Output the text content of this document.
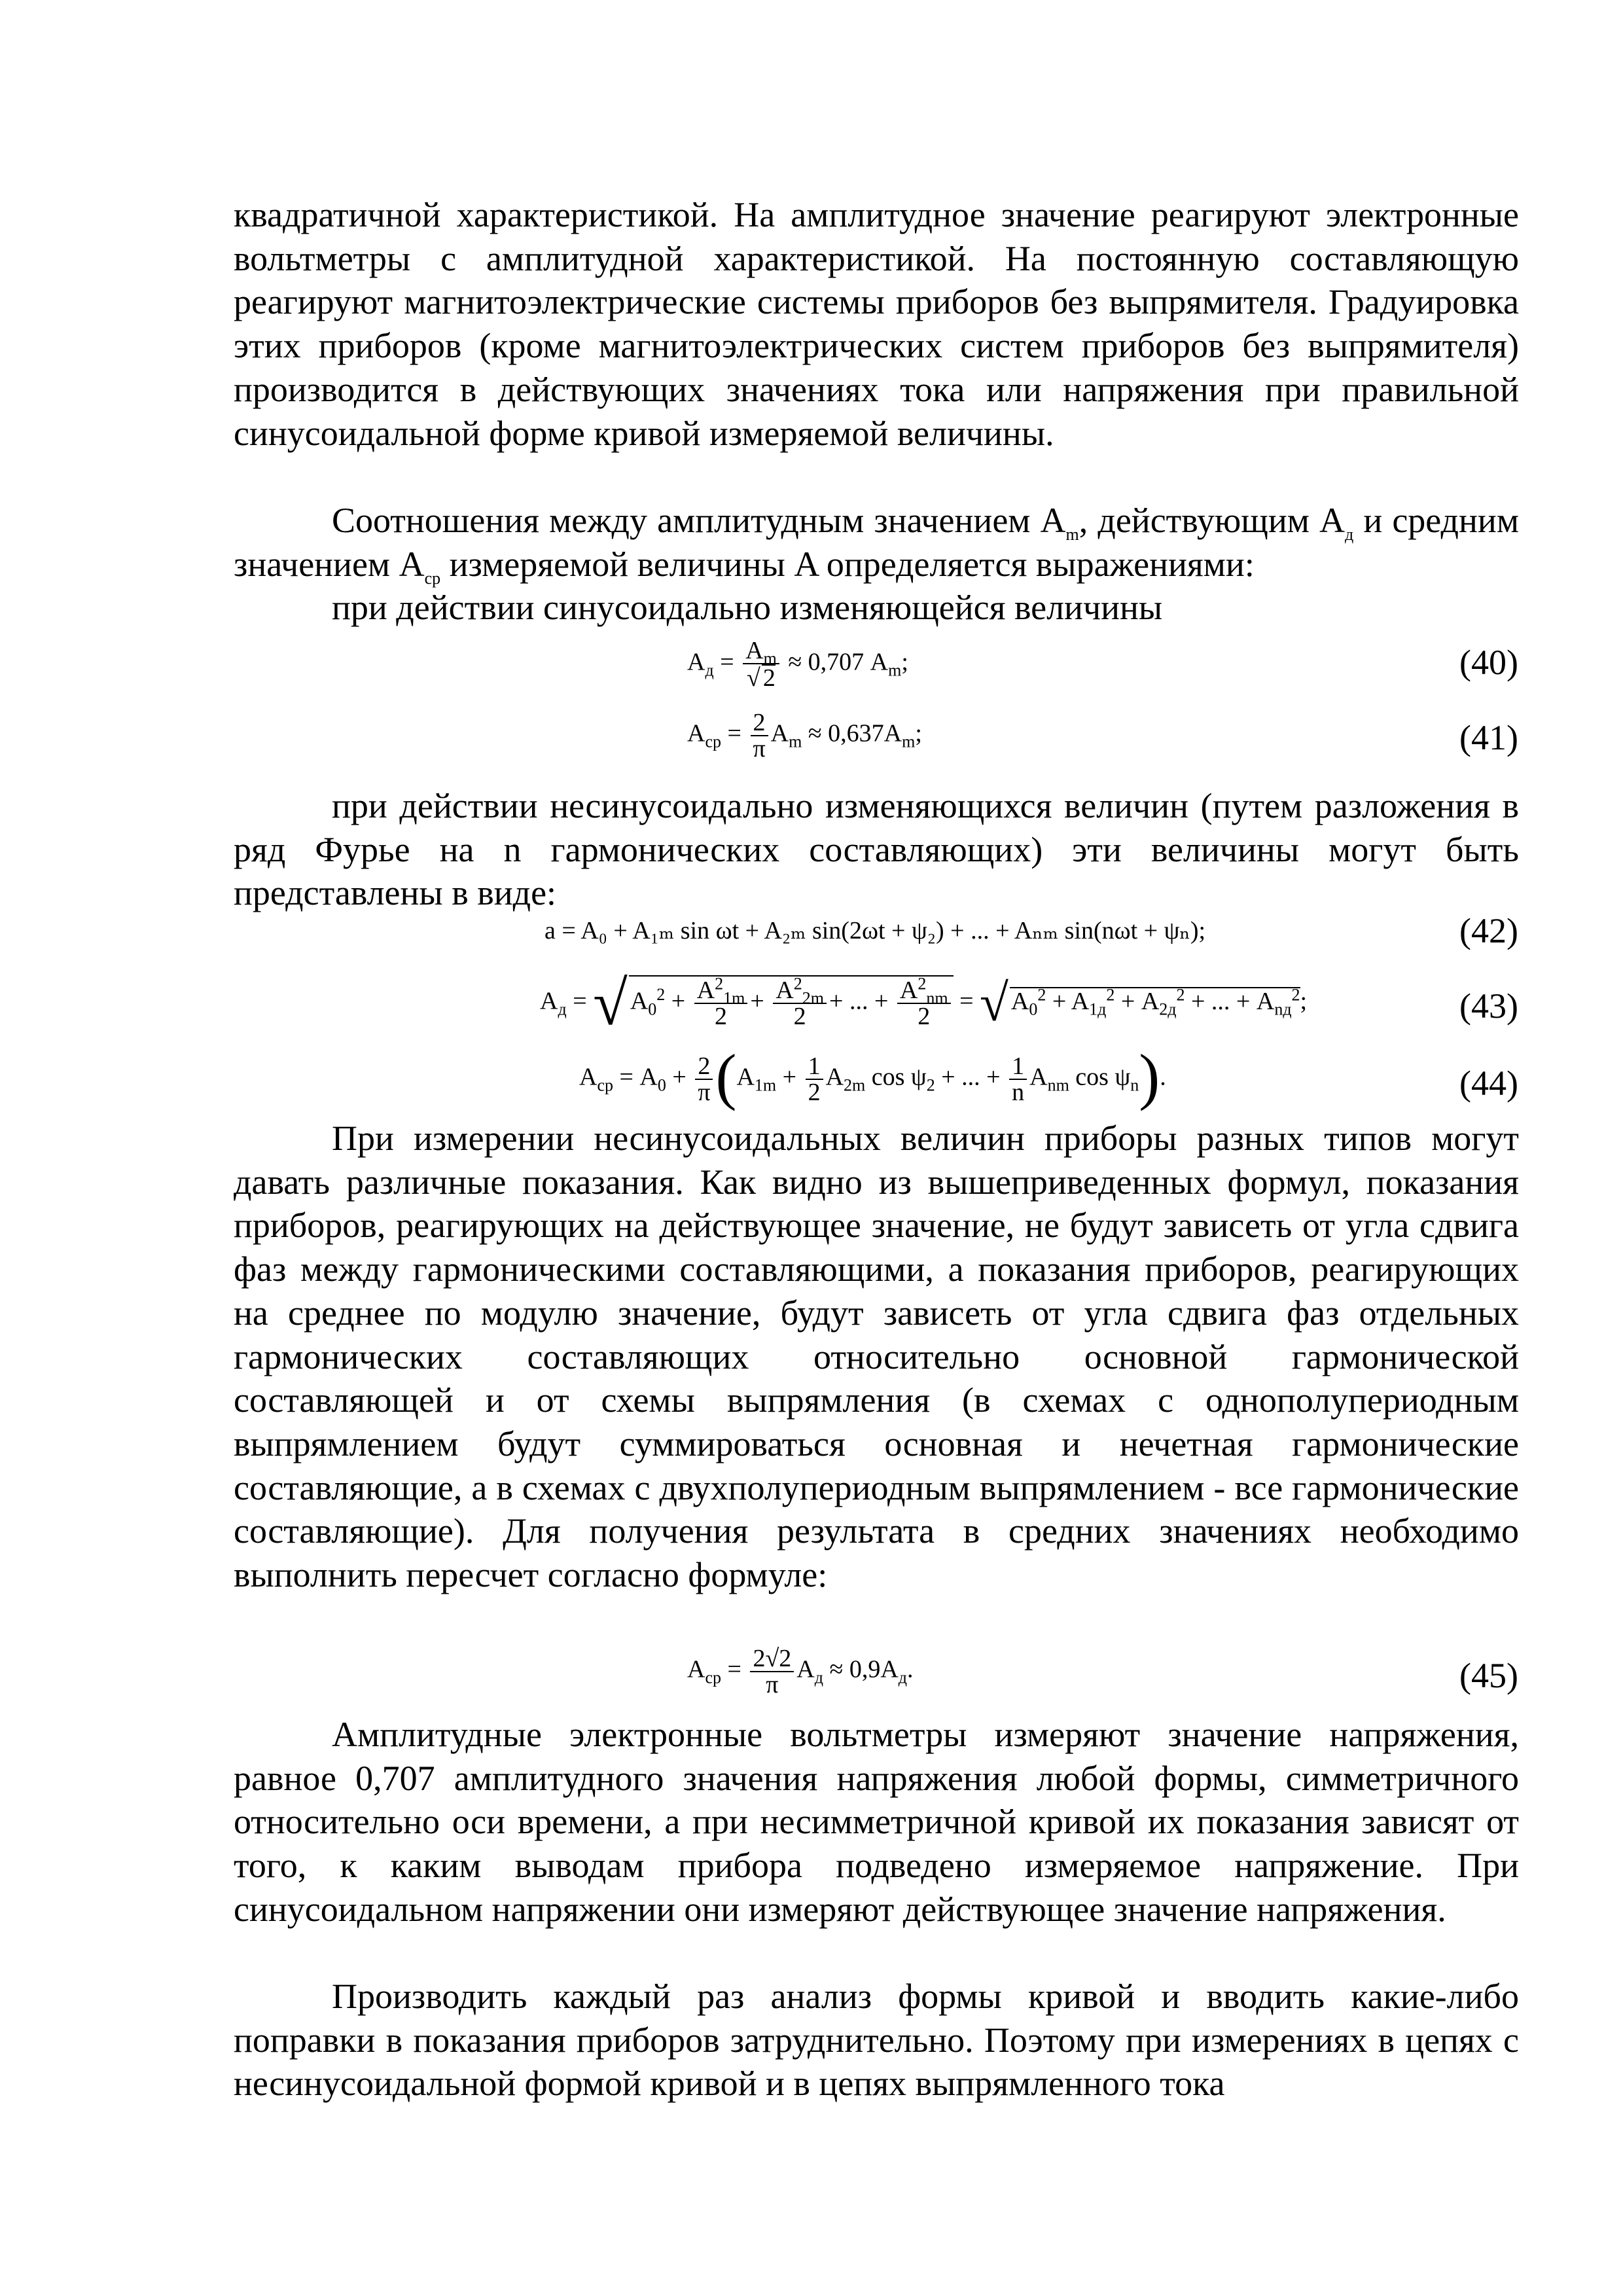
квадратичной характеристикой. На амплитудное значение реагируют электронные вольтметры с амплитудной характеристикой. На постоянную составляющую реагируют магнитоэлектрические системы приборов без выпрямителя. Градуировка этих приборов (кроме магнитоэлектрических систем приборов без выпрямителя) производится в действующих значениях тока или напряжения при правильной синусоидальной форме кривой измеряемой величины.

Соотношения между амплитудным значением $A_m$, действующим $A_д$ и средним значением $A_{ср}$ измеряемой величины A определяется выражениями:

при действии синусоидально изменяющейся величины

$A_д = \frac{A_m}{√ 2} \approx 0,707$ $A_m$;	(40)
$A_{ср} = \frac{2}{\pi} A_m \approx 0,637A_m$;	(41)

при действии несинусоидально изменяющихся величин (путем разложения в ряд Фурье на n гармонических составляющих) эти величины могут быть представлены в виде:

a = A₀ + A₁ₘ sin ωt + A₂ₘ sin(2ωt + ψ₂) + ... + Aₙₘ sin(nωt + ψₙ);	(42)
$A_д$ = √ $A_0^2 + \frac{A^2_{1m}}{2} + \frac{A^2_{2m}}{2}$ + ... + $\frac{A^2_{nm}}{2}$ = √ $A_0^2 + A_{1д}^2 + A_{2д}^2$ + ... + $A_{nд}^2$;	(43)
$A_{ср} = A_0 + \frac{2}{\pi} (A_{1m} + \frac{1}{2} A_{2m}$ $\cos \psi_2$ + ... + $\frac{1}{n} A_{nm}$ $\cos \psi_n$).	(44)

При измерении несинусоидальных величин приборы разных типов могут давать различные показания. Как видно из вышеприведенных формул, показания приборов, реагирующих на действующее значение, не будут зависеть от угла сдвига фаз между гармоническими составляющими, а показания приборов, реагирующих на среднее по модулю значение, будут зависеть от угла сдвига фаз отдельных гармонических составляющих относительно основной гармонической составляющей и от схемы выпрямления (в схемах с однополупериодным выпрямлением будут суммироваться основная и нечетная гармонические составляющие, а в схемах с двухполупериодным выпрямлением - все гармонические составляющие). Для получения результата в средних значениях необходимо выполнить пересчет согласно формуле:

$A_{ср} = \frac{2√2}{\pi} A_д \approx 0,9A_д$.	(45)

Амплитудные электронные вольтметры измеряют значение напряжения, равное 0,707 амплитудного значения напряжения любой формы, симметричного относительно оси времени, а при несимметричной кривой их показания зависят от того, к каким выводам прибора подведено измеряемое напряжение. При синусоидальном напряжении они измеряют действующее значение напряжения.

Производить каждый раз анализ формы кривой и вводить какие-либо поправки в показания приборов затруднительно. Поэтому при измерениях в цепях с несинусоидальной формой кривой и в цепях выпрямленного тока
